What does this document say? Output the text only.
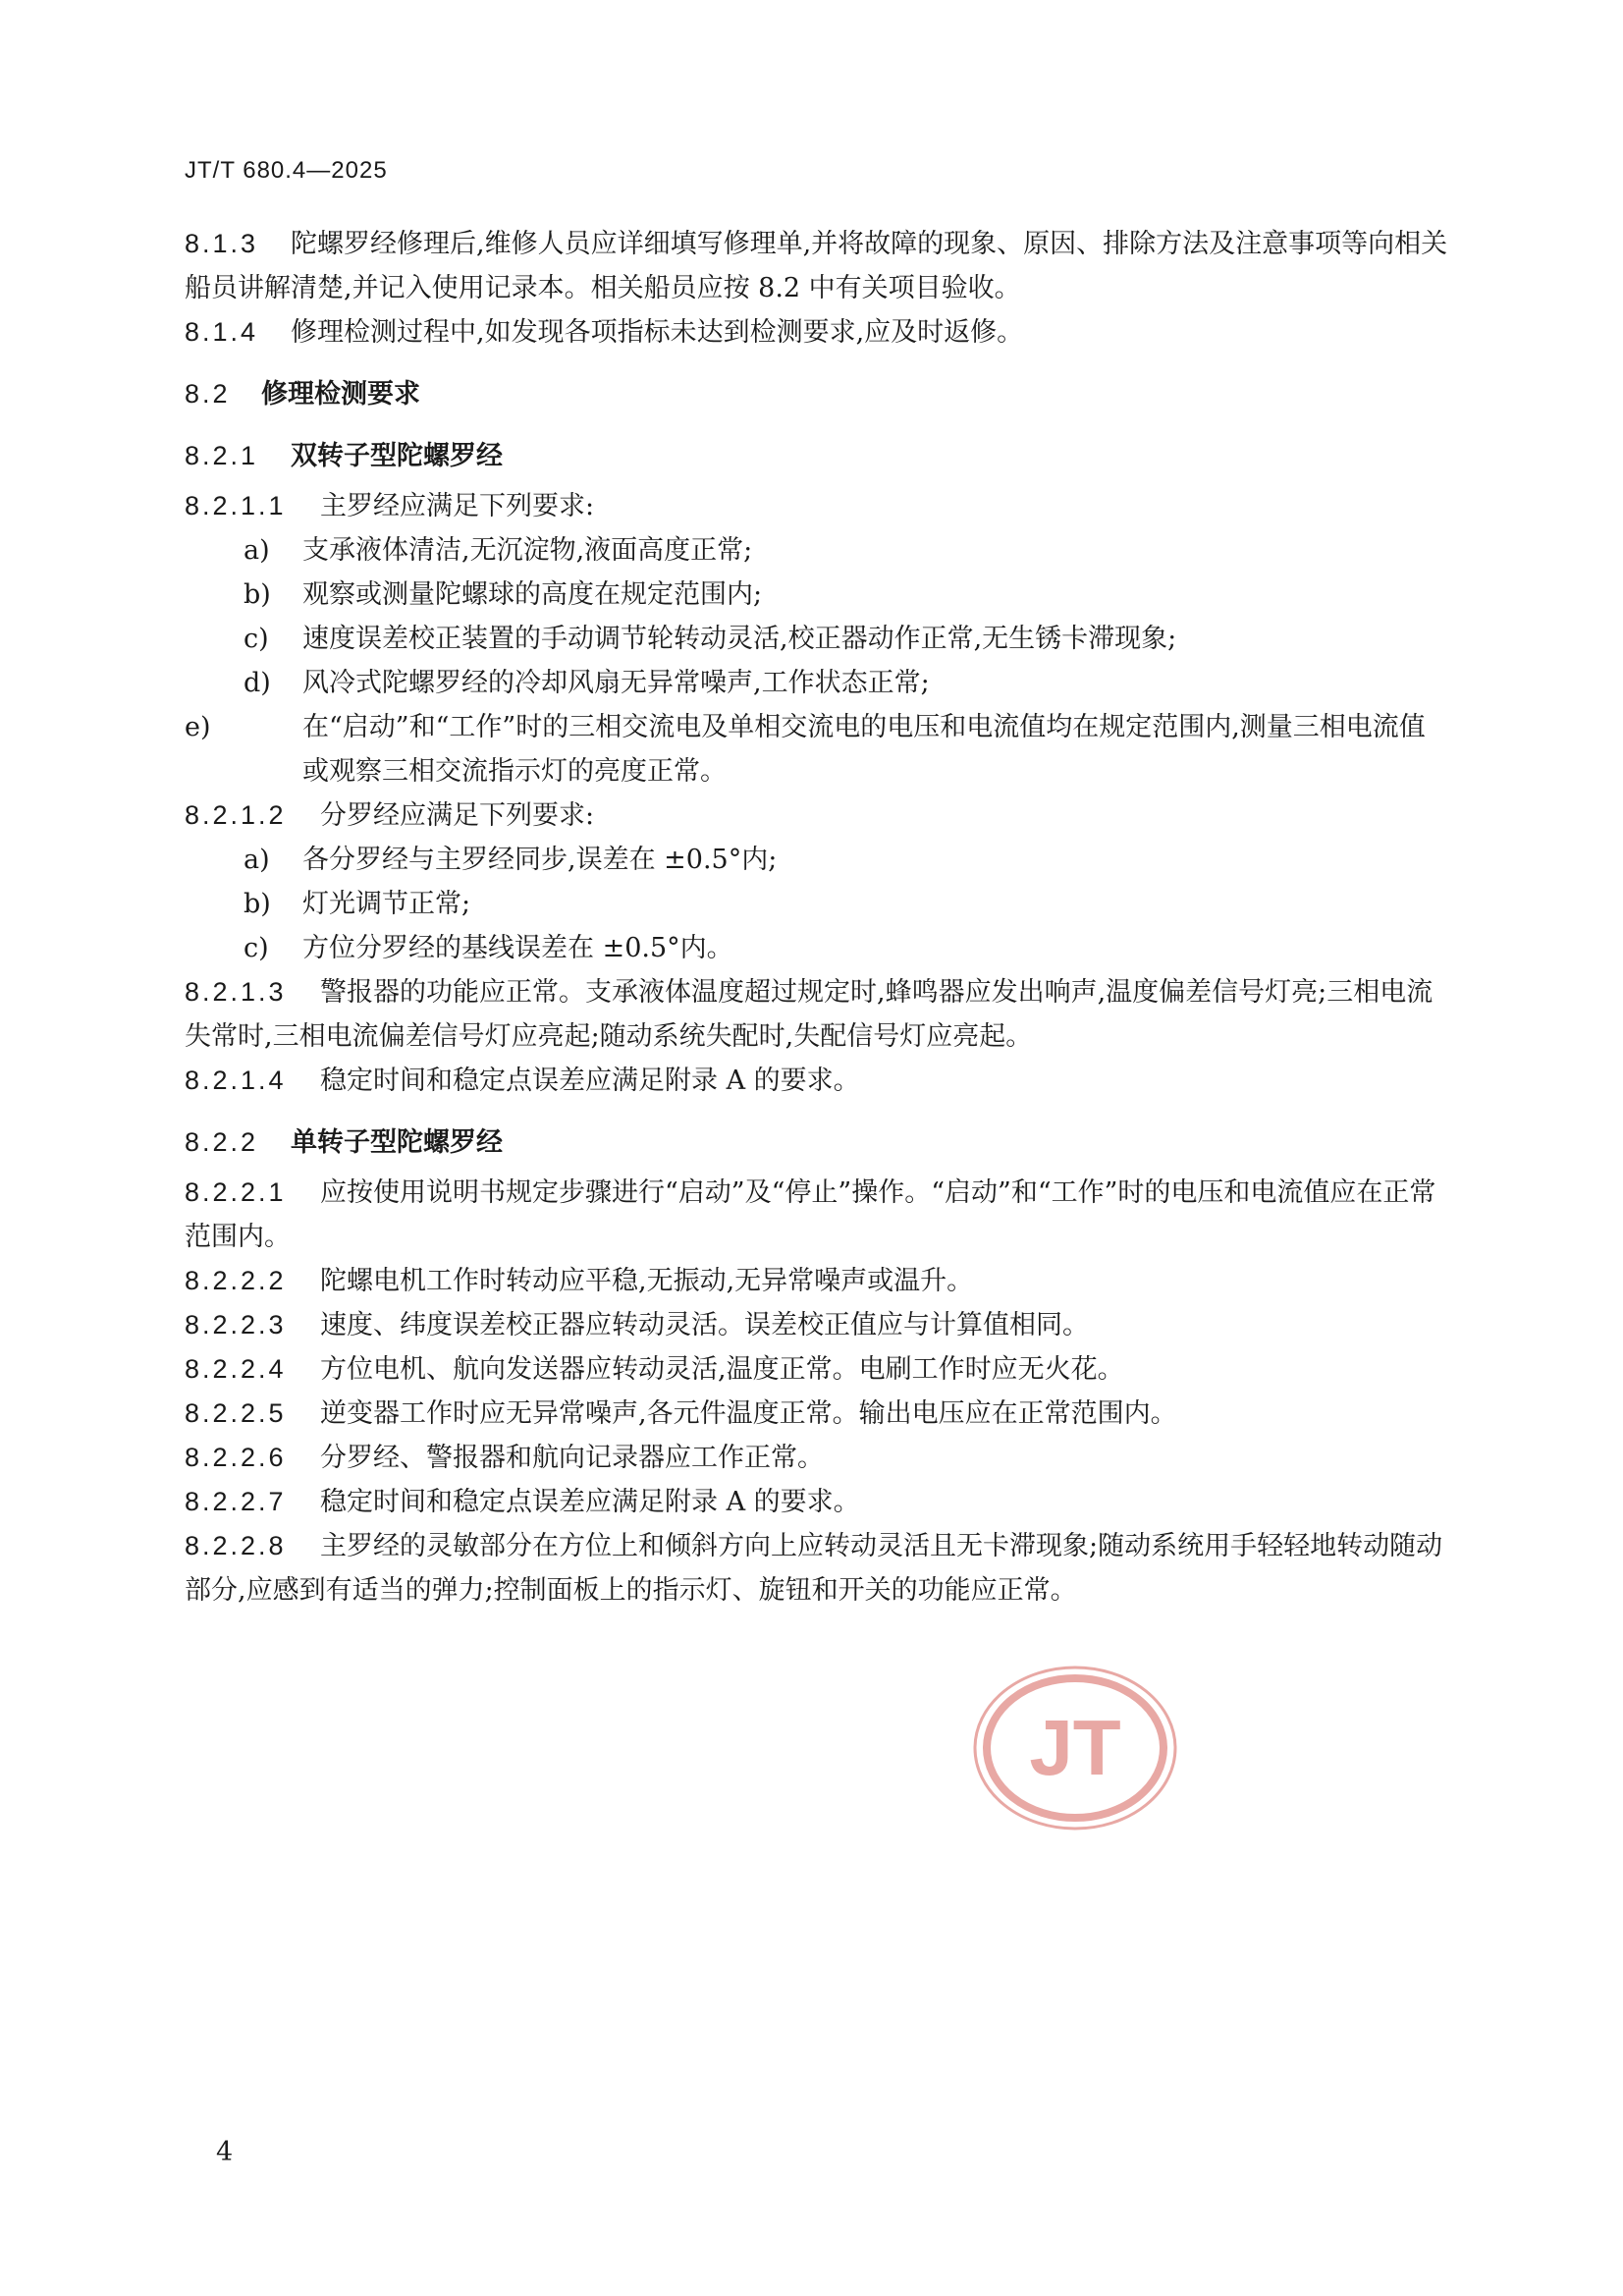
JT/T 680.4—2025
8.1.3 陀螺罗经修理后,维修人员应详细填写修理单,并将故障的现象、原因、排除方法及注意事项等向相关船员讲解清楚,并记入使用记录本。相关船员应按 8.2 中有关项目验收。
8.1.4 修理检测过程中,如发现各项指标未达到检测要求,应及时返修。
8.2 修理检测要求
8.2.1 双转子型陀螺罗经
8.2.1.1 主罗经应满足下列要求:
a) 支承液体清洁,无沉淀物,液面高度正常;
b) 观察或测量陀螺球的高度在规定范围内;
c) 速度误差校正装置的手动调节轮转动灵活,校正器动作正常,无生锈卡滞现象;
d) 风冷式陀螺罗经的冷却风扇无异常噪声,工作状态正常;
e)	在“启动”和“工作”时的三相交流电及单相交流电的电压和电流值均在规定范围内,测量三相电流值或观察三相交流指示灯的亮度正常。
8.2.1.2 分罗经应满足下列要求:
a) 各分罗经与主罗经同步,误差在 ±0.5°内;
b) 灯光调节正常;
c) 方位分罗经的基线误差在 ±0.5°内。
8.2.1.3 警报器的功能应正常。支承液体温度超过规定时,蜂鸣器应发出响声,温度偏差信号灯亮;三相电流失常时,三相电流偏差信号灯应亮起;随动系统失配时,失配信号灯应亮起。
8.2.1.4 稳定时间和稳定点误差应满足附录 A 的要求。
8.2.2 单转子型陀螺罗经
8.2.2.1 应按使用说明书规定步骤进行“启动”及“停止”操作。“启动”和“工作”时的电压和电流值应在正常范围内。
8.2.2.2 陀螺电机工作时转动应平稳,无振动,无异常噪声或温升。
8.2.2.3 速度、纬度误差校正器应转动灵活。误差校正值应与计算值相同。
8.2.2.4 方位电机、航向发送器应转动灵活,温度正常。电刷工作时应无火花。
8.2.2.5 逆变器工作时应无异常噪声,各元件温度正常。输出电压应在正常范围内。
8.2.2.6 分罗经、警报器和航向记录器应工作正常。
8.2.2.7 稳定时间和稳定点误差应满足附录 A 的要求。
8.2.2.8 主罗经的灵敏部分在方位上和倾斜方向上应转动灵活且无卡滞现象;随动系统用手轻轻地转动随动部分,应感到有适当的弹力;控制面板上的指示灯、旋钮和开关的功能应正常。
JT
4
